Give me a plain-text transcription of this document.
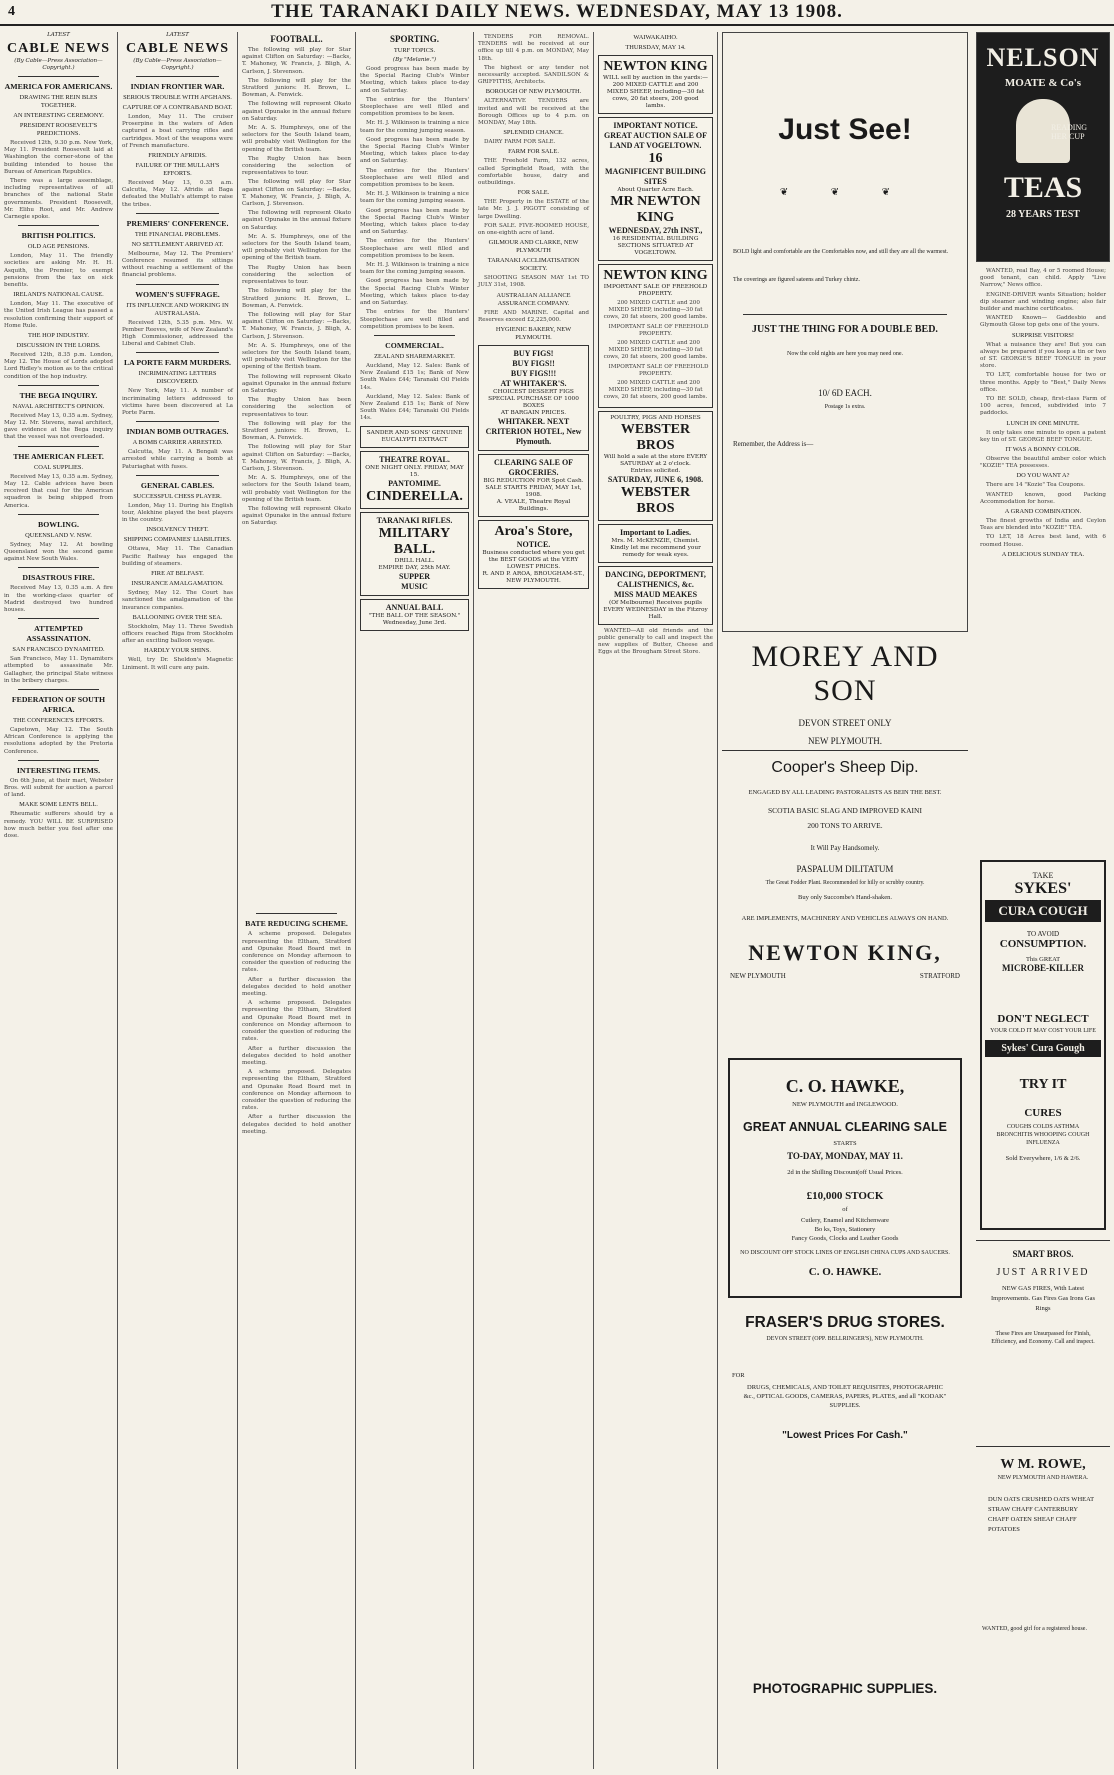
4	THE TARANAKI DAILY NEWS. WEDNESDAY, MAY 13 1908.
LATEST
CABLE NEWS
(By Cable—Press Association—Copyright.)
AMERICA FOR AMERICANS.
DRAWING THE REIN BLES TOGETHER.
AN INTERESTING CEREMONY.
PRESIDENT ROOSEVELT'S PREDICTIONS.

Received 12th, 9.30 p.m. New York, May 11. President Roosevelt laid at Washington the corner-stone of the building intended to house the Bureau of American Republics.

There was a large assemblage, including representatives of all branches of the national State governments. President Roosevelt, Mr. Elihu Root, and Mr. Andrew Carnegie spoke.

BRITISH POLITICS.
OLD AGE PENSIONS.

London, May 11. The friendly societies are asking Mr. H. H. Asquith, the Premier, to exempt pensions from the tax on sick benefits.

IRELAND'S NATIONAL CAUSE.

London, May 11. The executive of the United Irish League has passed a resolution confirming their support of Home Rule.

THE HOP INDUSTRY.
DISCUSSION IN THE LORDS.

Received 12th, 8.35 p.m. London, May 12. The House of Lords adopted Lord Ridley's motion as to the critical condition of the hop industry.

THE BEGA INQUIRY.
NAVAL ARCHITECT'S OPINION.

Received May 13, 0.35 a.m. Sydney, May 12. Mr. Stevens, naval architect, gave evidence at the Bega inquiry that the vessel was not overloaded.

THE AMERICAN FLEET.
COAL SUPPLIES.

Received May 13, 0.35 a.m. Sydney, May 12. Cable advices have been received that coal for the American squadron is being shipped from America.

BOWLING.
QUEENSLAND V. NSW.

Sydney, May 12. At bowling Queensland won the second game against New South Wales.

DISASTROUS FIRE.

Received May 13, 0.35 a.m. A fire in the working-class quarter of Madrid destroyed two hundred houses.

ATTEMPTED ASSASSINATION.
SAN FRANCISCO DYNAMITED.

San Francisco, May 11. Dynamiters attempted to assassinate Mr. Gallagher, the principal State witness in the bribery charges.

FEDERATION OF SOUTH AFRICA.
THE CONFERENCE'S EFFORTS.

Capetown, May 12. The South African Conference is applying the resolutions adopted by the Pretoria Conference.

INTERESTING ITEMS.

On 6th June, at their mart, Webster Bros. will submit for auction a parcel of land.

MAKE SOME LENTS BELL.

Rheumatic sufferers should try a remedy. YOU WILL BE SURPRISED how much better you feel after one dose.

LATEST
CABLE NEWS
(By Cable—Press Association—Copyright.)
INDIAN FRONTIER WAR.
SERIOUS TROUBLE WITH AFGHANS.
CAPTURE OF A CONTRABAND BOAT.

London, May 11. The cruiser Proserpine in the waters of Aden captured a boat carrying rifles and cartridges. Most of the weapons were of French manufacture.

FRIENDLY AFRIDIS.
FAILURE OF THE MULLAH'S EFFORTS.

Received May 13, 0.35 a.m. Calcutta, May 12. Afridis at Baga defeated the Mullah's attempt to raise the tribes.

PREMIERS' CONFERENCE.
THE FINANCIAL PROBLEMS.
NO SETTLEMENT ARRIVED AT.

Melbourne, May 12. The Premiers' Conference resumed its sittings without reaching a settlement of the financial problems.

WOMEN'S SUFFRAGE.
ITS INFLUENCE AND WORKING IN AUSTRALASIA.

Received 12th, 5.35 p.m. Mrs. W. Pember Reeves, wife of New Zealand's High Commissioner, addressed the Liberal and Cabinet Club.

LA PORTE FARM MURDERS.
INCRIMINATING LETTERS DISCOVERED.

New York, May 11. A number of incriminating letters addressed to victims have been discovered at La Porte Farm.

INDIAN BOMB OUTRAGES.
A BOMB CARRIER ARRESTED.

Calcutta, May 11. A Bengali was arrested while carrying a bomb at Paturiaghat with fuses.

GENERAL CABLES.
SUCCESSFUL CHESS PLAYER.

London, May 11. During his English tour, Alekhine played the best players in the country.

INSOLVENCY THEFT.
SHIPPING COMPANIES' LIABILITIES.

Ottawa, May 11. The Canadian Pacific Railway has engaged the building of steamers.

FIRE AT BELFAST.
INSURANCE AMALGAMATION.

Sydney, May 12. The Court has sanctioned the amalgamation of the insurance companies.

BALLOONING OVER THE SEA.

Stockholm, May 11. Three Swedish officers reached Riga from Stockholm after an exciting balloon voyage.

HARDLY YOUR SHINS.

Well, try Dr. Sheldon's Magnetic Liniment. It will cure any pain.

FOOTBALL.

The following will play for Star against Clifton on Saturday: —Backs, T. Mahoney, W. Francis, J. Bligh, A. Carlson, J. Stevenson.

The following will play for the Stratford juniors: H. Brown, L. Bowman, A. Fenwick.

The following will represent Okato against Opunake in the annual fixture on Saturday.

Mr. A. S. Humphreys, one of the selectors for the South Island team, will probably visit Wellington for the opening of the British team.

The Rugby Union has been considering the selection of representatives to tour.

The following will play for Star against Clifton on Saturday: —Backs, T. Mahoney, W. Francis, J. Bligh, A. Carlson, J. Stevenson.

The following will represent Okato against Opunake in the annual fixture on Saturday.

Mr. A. S. Humphreys, one of the selectors for the South Island team, will probably visit Wellington for the opening of the British team.

The Rugby Union has been considering the selection of representatives to tour.

The following will play for the Stratford juniors: H. Brown, L. Bowman, A. Fenwick.

The following will play for Star against Clifton on Saturday: —Backs, T. Mahoney, W. Francis, J. Bligh, A. Carlson, J. Stevenson.

Mr. A. S. Humphreys, one of the selectors for the South Island team, will probably visit Wellington for the opening of the British team.

The following will represent Okato against Opunake in the annual fixture on Saturday.

The Rugby Union has been considering the selection of representatives to tour.

The following will play for the Stratford juniors: H. Brown, L. Bowman, A. Fenwick.

The following will play for Star against Clifton on Saturday: —Backs, T. Mahoney, W. Francis, J. Bligh, A. Carlson, J. Stevenson.

Mr. A. S. Humphreys, one of the selectors for the South Island team, will probably visit Wellington for the opening of the British team.

The following will represent Okato against Opunake in the annual fixture on Saturday.

BATE REDUCING SCHEME.

A scheme proposed. Delegates representing the Eltham, Stratford and Opunake Road Board met in conference on Monday afternoon to consider the question of reducing the rates.

After a further discussion the delegates decided to hold another meeting.

A scheme proposed. Delegates representing the Eltham, Stratford and Opunake Road Board met in conference on Monday afternoon to consider the question of reducing the rates.

After a further discussion the delegates decided to hold another meeting.

A scheme proposed. Delegates representing the Eltham, Stratford and Opunake Road Board met in conference on Monday afternoon to consider the question of reducing the rates.

After a further discussion the delegates decided to hold another meeting.

SPORTING.
TURF TOPICS.
(By "Melanie.")

Good progress has been made by the Special Racing Club's Winter Meeting, which takes place to-day and on Saturday.

The entries for the Hunters' Steeplechase are well filled and competition promises to be keen.

Mr. H. J. Wilkinson is training a nice team for the coming jumping season.

Good progress has been made by the Special Racing Club's Winter Meeting, which takes place to-day and on Saturday.

The entries for the Hunters' Steeplechase are well filled and competition promises to be keen.

Mr. H. J. Wilkinson is training a nice team for the coming jumping season.

Good progress has been made by the Special Racing Club's Winter Meeting, which takes place to-day and on Saturday.

The entries for the Hunters' Steeplechase are well filled and competition promises to be keen.

Mr. H. J. Wilkinson is training a nice team for the coming jumping season.

Good progress has been made by the Special Racing Club's Winter Meeting, which takes place to-day and on Saturday.

The entries for the Hunters' Steeplechase are well filled and competition promises to be keen.

COMMERCIAL.
ZEALAND SHAREMARKET.

Auckland, May 12. Sales: Bank of New Zealand £15 1s; Bank of New South Wales £44; Taranaki Oil Fields 14s.

Auckland, May 12. Sales: Bank of New Zealand £15 1s; Bank of New South Wales £44; Taranaki Oil Fields 14s.

SANDER AND SONS' GENUINE EUCALYPTI EXTRACT
THEATRE ROYAL.
ONE NIGHT ONLY. FRIDAY, MAY 15.
PANTOMIME.
CINDERELLA.
TARANAKI RIFLES.
MILITARY BALL.
DRILL HALL.
EMPIRE DAY, 25th MAY.
SUPPER
MUSIC
ANNUAL BALL
"THE BALL OF THE SEASON."
Wednesday, June 3rd.

TENDERS FOR REMOVAL. TENDERS will be received at our office up till 4 p.m. on MONDAY, May 18th.

The highest or any tender not necessarily accepted. SANDILSON & GRIFFITHS, Architects.

BOROUGH OF NEW PLYMOUTH.

ALTERNATIVE TENDERS are invited and will be received at the Borough Offices up to 4 p.m. on MONDAY, May 18th.

SPLENDID CHANCE.

DAIRY FARM FOR SALE.

FARM FOR SALE.

THE Freehold Farm, 132 acres, called Springfield Road, with the comfortable house, dairy and outbuildings.

FOR SALE.

THE Property in the ESTATE of the late Mr. J. J. PIGOTT consisting of large Dwelling.

FOR SALE. FIVE-ROOMED HOUSE, on one-eighth acre of land.

GILMOUR AND CLARKE, NEW PLYMOUTH
TARANAKI ACCLIMATISATION SOCIETY.

SHOOTING SEASON MAY 1st TO JULY 31st, 1908.

AUSTRALIAN ALLIANCE ASSURANCE COMPANY.

FIRE AND MARINE. Capital and Reserves exceed £2,225,000.

HYGIENIC BAKERY, NEW PLYMOUTH.
BUY FIGS!
BUY FIGS!!
BUY FIGS!!!
AT WHITAKER'S.
CHOICEST DESSERT FIGS
SPECIAL PURCHASE OF 1000 BOXES
AT BARGAIN PRICES.
WHITAKER. NEXT CRITERION HOTEL, New Plymouth.
CLEARING SALE OF GROCERIES.
BIG REDUCTION FOR Spot Cash.
SALE STARTS FRIDAY, MAY 1st, 1908.
A. VEALE, Theatre Royal Buildings.
Aroa's Store,
NOTICE.
Business conducted where you get the BEST GOODS at the VERY LOWEST PRICES.
R. AND P. AROA, BROUGHAM-ST., NEW PLYMOUTH.
WAIWAKAIHO.
THURSDAY, MAY 14.
NEWTON KING
WILL sell by auction in the yards:—
200 MIXED CATTLE and 200 MIXED SHEEP, including—30 fat cows, 20 fat steers, 200 good lambs.
IMPORTANT NOTICE.
GREAT AUCTION SALE OF LAND AT VOGELTOWN.
16
MAGNIFICENT BUILDING SITES
About Quarter Acre Each.
MR NEWTON KING
WEDNESDAY, 27th INST.,
16 RESIDENTIAL BUILDING SECTIONS SITUATED AT VOGELTOWN.
NEWTON KING
IMPORTANT SALE OF FREEHOLD PROPERTY.

200 MIXED CATTLE and 200 MIXED SHEEP, including—30 fat cows, 20 fat steers, 200 good lambs.

IMPORTANT SALE OF FREEHOLD PROPERTY.

200 MIXED CATTLE and 200 MIXED SHEEP, including—30 fat cows, 20 fat steers, 200 good lambs.

IMPORTANT SALE OF FREEHOLD PROPERTY.

200 MIXED CATTLE and 200 MIXED SHEEP, including—30 fat cows, 20 fat steers, 200 good lambs.

POULTRY, PIGS AND HORSES
WEBSTER BROS
Will hold a sale at the store EVERY SATURDAY at 2 o'clock.
Entries solicited.
SATURDAY, JUNE 6, 1908.
WEBSTER BROS
Important to Ladies.
Mrs. M. McKENZIE, Chemist. Kindly let me recommend your remedy for weak eyes.
DANCING, DEPORTMENT, CALISTHENICS, &c.
MISS MAUD MEAKES
(Of Melbourne) Receives pupils EVERY WEDNESDAY in the Fitzroy Hall.

WANTED—All old friends and the public generally to call and inspect the new supplies of Butter, Cheese and Eggs at the Brougham Street Store.

Just See!
❦ ❦ ❦
BOLD light and comfortable are the Comfortables now, and still they are all the warmest.
The coverings are figured sateens and Turkey chintz.
JUST THE THING FOR A DOUBLE BED.
Now the cold nights are here you may need one.
10/ 6D EACH.
Postage 1s extra.
Remember, the Address is—
MOREY AND SON
DEVON STREET ONLY
NEW PLYMOUTH.
Cooper's Sheep Dip.
ENGAGED BY ALL LEADING PASTORALISTS AS BEIN THE BEST.
SCOTIA BASIC SLAG AND IMPROVED KAINI
200 TONS TO ARRIVE.
It Will Pay Handsomely.
PASPALUM DILITATUM
The Great Fodder Plant. Recommended for hilly or scrubby country.
Buy only Succombe's Hand-shaken.
ARE IMPLEMENTS, MACHINERY AND VEHICLES ALWAYS ON HAND.
NEWTON KING,
NEW PLYMOUTH	STRATFORD
C. O. HAWKE,
NEW PLYMOUTH and INGLEWOOD.
GREAT ANNUAL CLEARING SALE
STARTS
TO-DAY, MONDAY, MAY 11.
2d in the Shilling Discount(off Usual Prices.
£10,000 STOCK
of
Cutlery, Enamel and Kitchenware
Bo ks, Toys, Stationery
Fancy Goods, Clocks and Leather Goods
NO DISCOUNT OFF STOCK LINES OF ENGLISH CHINA CUPS AND SAUCERS.
C. O. HAWKE.
FRASER'S DRUG STORES.
DEVON STREET (OPP. BELLRINGER'S), NEW PLYMOUTH.
FOR
DRUGS, CHEMICALS, AND TOILET REQUISITES, PHOTOGRAPHIC &c., OPTICAL GOODS, CAMERAS, PAPERS, PLATES, and all "KODAK" SUPPLIES.
"Lowest Prices For Cash."
PHOTOGRAPHIC SUPPLIES.
NELSON
MOATE & Co's
READING
HER CUP
TEAS
28 YEARS TEST

WANTED, real Bay, 4 or 5 roomed House; good tenant, can child. Apply "Live Narrow," News office.

ENGINE-DRIVER wants Situation; holder dip steamer and winding engine; also fair builder and machine certificates.

WANTED Known— Gaddesbio and Glymouth Glose top gets one of the yours.

SURPRISE VISITORS!

What a nuisance they are! But you can always be prepared if you keep a tin or two of ST. GEORGE'S BEEF TONGUE in your store.

TO LET, comfortable house for two or three months. Apply to "Best," Daily News office.

TO BE SOLD, cheap, first-class Farm of 100 acres, fenced, subdivided into 7 paddocks.

LUNCH IN ONE MINUTE.

It only takes one minute to open a patent key tin of ST. GEORGE BEEF TONGUE.

IT WAS A BONNY COLOR.

Observe the beautiful amber color which "KOZIE" TEA possesses.

DO YOU WANT A?

There are 14 "Kozie" Tea Coupons.

WANTED known, good Packing Accommodation for horse.

A GRAND COMBINATION.

The finest growths of India and Ceylon Teas are blended into "KOZIE" TEA.

TO LET, 18 Acres best land, with 6 roomed House.

A DELICIOUS SUNDAY TEA.
TAKE
SYKES'
CURA COUGH
TO AVOID
CONSUMPTION.
This GREAT
MICROBE-KILLER
DON'T NEGLECT
YOUR COLD IT MAY COST YOUR LIFE
Sykes' Cura Gough
TRY IT
CURES
COUGHS COLDS ASTHMA BRONCHITIS WHOOPING COUGH INFLUENZA
Sold Everywhere, 1/6 & 2/6.
SMART BROS.
JUST ARRIVED
NEW GAS FIRES, With Latest Improvements. Gas Fires Gas Irons Gas Rings
These Fires are Unsurpassed for Finish, Efficiency, and Economy. Call and inspect.
W M. ROWE,
NEW PLYMOUTH AND HAWERA.
DUN OATS CRUSHED OATS WHEAT STRAW CHAFF CANTERBURY CHAFF OATEN SHEAF CHAFF POTATOES
WANTED, good girl for a registered house.
